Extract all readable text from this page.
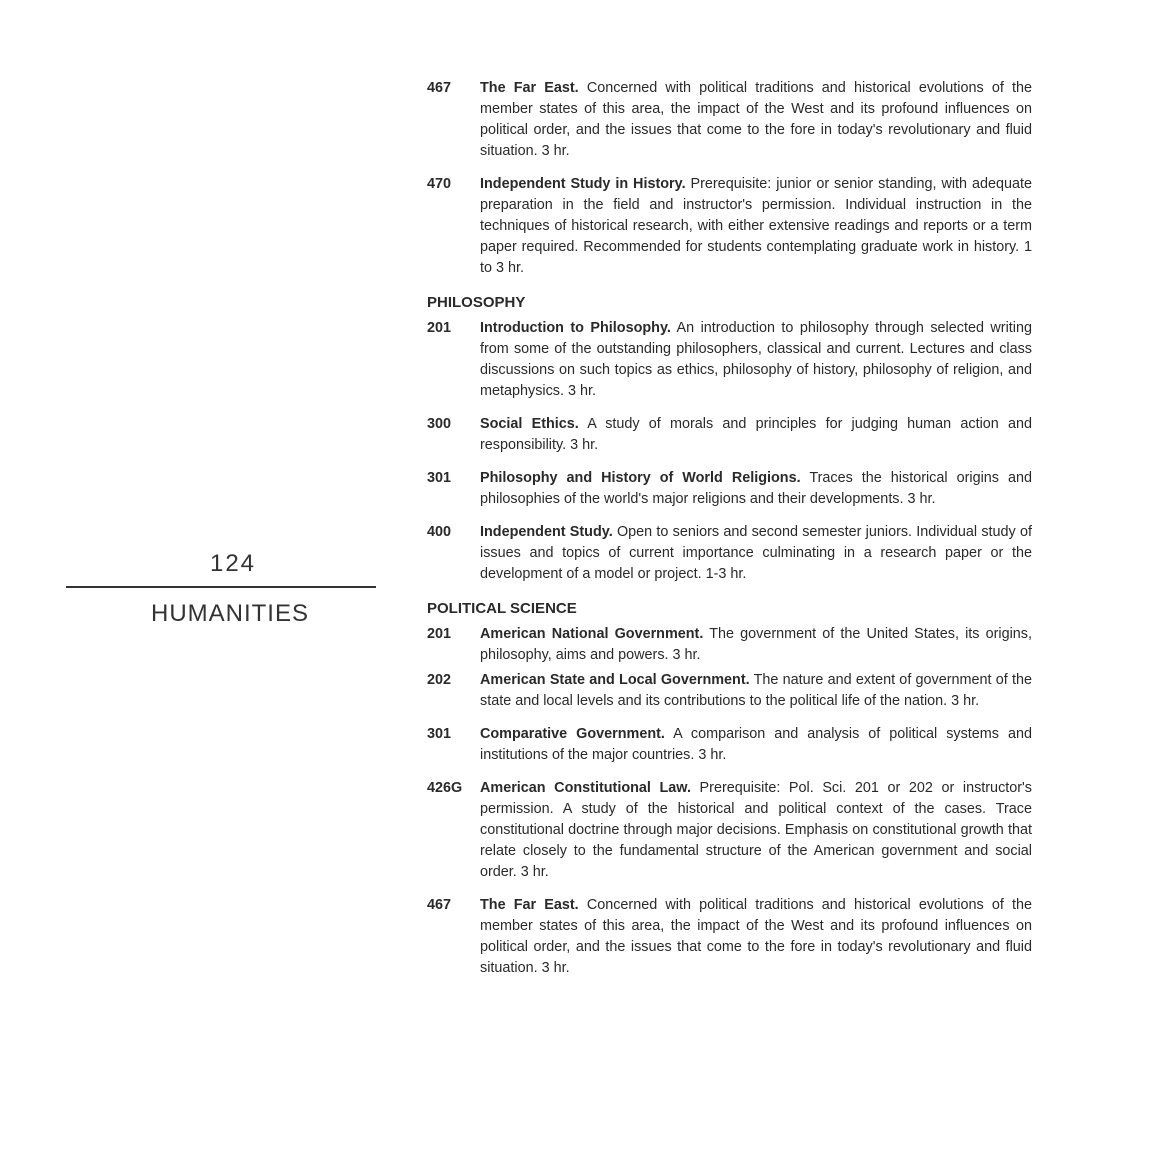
124
HUMANITIES
467	The Far East. Concerned with political traditions and historical evolutions of the member states of this area, the impact of the West and its profound influences on political order, and the issues that come to the fore in today's revolutionary and fluid situation. 3 hr.
470	Independent Study in History. Prerequisite: junior or senior standing, with adequate preparation in the field and instructor's permission. Individual instruction in the techniques of historical research, with either extensive readings and reports or a term paper required. Recommended for students contemplating graduate work in history. 1 to 3 hr.
PHILOSOPHY
201	Introduction to Philosophy. An introduction to philosophy through selected writing from some of the outstanding philosophers, classical and current. Lectures and class discussions on such topics as ethics, philosophy of history, philosophy of religion, and metaphysics. 3 hr.
300	Social Ethics. A study of morals and principles for judging human action and responsibility. 3 hr.
301	Philosophy and History of World Religions. Traces the historical origins and philosophies of the world's major religions and their developments. 3 hr.
400	Independent Study. Open to seniors and second semester juniors. Individual study of issues and topics of current importance culminating in a research paper or the development of a model or project. 1-3 hr.
POLITICAL SCIENCE
201	American National Government. The government of the United States, its origins, philosophy, aims and powers. 3 hr.
202	American State and Local Government. The nature and extent of government of the state and local levels and its contributions to the political life of the nation. 3 hr.
301	Comparative Government. A comparison and analysis of political systems and institutions of the major countries. 3 hr.
426G	American Constitutional Law. Prerequisite: Pol. Sci. 201 or 202 or instructor's permission. A study of the historical and political context of the cases. Trace constitutional doctrine through major decisions. Emphasis on constitutional growth that relate closely to the fundamental structure of the American government and social order. 3 hr.
467	The Far East. Concerned with political traditions and historical evolutions of the member states of this area, the impact of the West and its profound influences on political order, and the issues that come to the fore in today's revolutionary and fluid situation. 3 hr.
